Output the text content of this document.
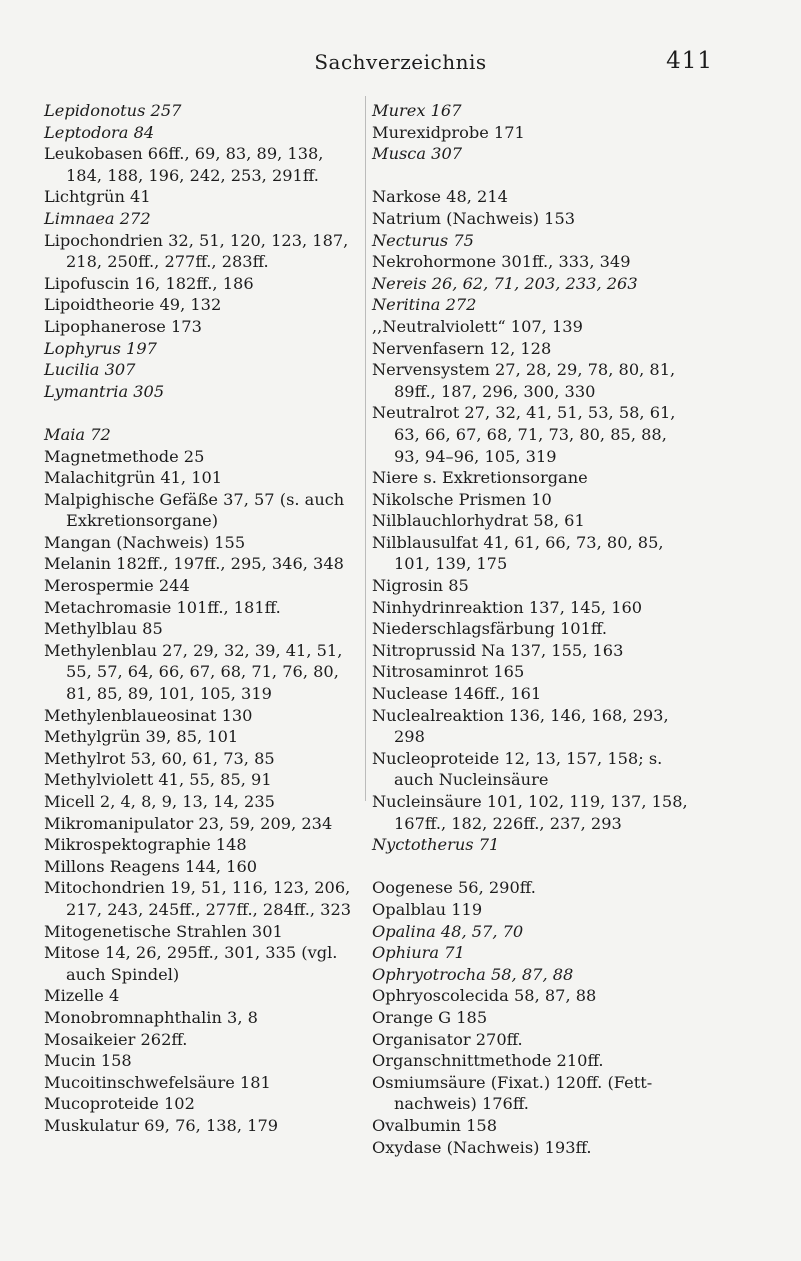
Sachverzeichnis	411
Lepidonotus 257
Leptodora 84
Leukobasen 66ff., 69, 83, 89, 138, 184, 188, 196, 242, 253, 291ff.
Lichtgrün 41
Limnaea 272
Lipochondrien 32, 51, 120, 123, 187, 218, 250ff., 277ff., 283ff.
Lipofuscin 16, 182ff., 186
Lipoidtheorie 49, 132
Lipophanerose 173
Lophyrus 197
Lucilia 307
Lymantria 305
Maia 72
Magnetmethode 25
Malachitgrün 41, 101
Malpighische Gefäße 37, 57 (s. auch Exkretionsorgane)
Mangan (Nachweis) 155
Melanin 182ff., 197ff., 295, 346, 348
Merospermie 244
Metachromasie 101ff., 181ff.
Methylblau 85
Methylenblau 27, 29, 32, 39, 41, 51, 55, 57, 64, 66, 67, 68, 71, 76, 80, 81, 85, 89, 101, 105, 319
Methylenblaueosinat 130
Methylgrün 39, 85, 101
Methylrot 53, 60, 61, 73, 85
Methylviolett 41, 55, 85, 91
Micell 2, 4, 8, 9, 13, 14, 235
Mikromanipulator 23, 59, 209, 234
Mikrospektographie 148
Millons Reagens 144, 160
Mitochondrien 19, 51, 116, 123, 206, 217, 243, 245ff., 277ff., 284ff., 323
Mitogenetische Strahlen 301
Mitose 14, 26, 295ff., 301, 335 (vgl. auch Spindel)
Mizelle 4
Monobromnaphthalin 3, 8
Mosaikeier 262ff.
Mucin 158
Mucoitinschwefelsäure 181
Mucoproteide 102
Muskulatur 69, 76, 138, 179
Murex 167
Murexidprobe 171
Musca 307
Narkose 48, 214
Natrium (Nachweis) 153
Necturus 75
Nekrohormone 301ff., 333, 349
Nereis 26, 62, 71, 203, 233, 263
Neritina 272
,,Neutralviolett“ 107, 139
Nervenfasern 12, 128
Nervensystem 27, 28, 29, 78, 80, 81, 89ff., 187, 296, 300, 330
Neutralrot 27, 32, 41, 51, 53, 58, 61, 63, 66, 67, 68, 71, 73, 80, 85, 88, 93, 94–96, 105, 319
Niere s. Exkretionsorgane
Nikolsche Prismen 10
Nilblauchlorhydrat 58, 61
Nilblausulfat 41, 61, 66, 73, 80, 85, 101, 139, 175
Nigrosin 85
Ninhydrinreaktion 137, 145, 160
Niederschlagsfärbung 101ff.
Nitroprussid Na 137, 155, 163
Nitrosaminrot 165
Nuclease 146ff., 161
Nuclealreaktion 136, 146, 168, 293, 298
Nucleoproteide 12, 13, 157, 158; s. auch Nucleinsäure
Nucleinsäure 101, 102, 119, 137, 158, 167ff., 182, 226ff., 237, 293
Nyctotherus 71
Oogenese 56, 290ff.
Opalblau 119
Opalina 48, 57, 70
Ophiura 71
Ophryotrocha 58, 87, 88
Ophryoscolecida 58, 87, 88
Orange G 185
Organisator 270ff.
Organschnittmethode 210ff.
Osmiumsäure (Fixat.) 120ff. (Fett-nachweis) 176ff.
Ovalbumin 158
Oxydase (Nachweis) 193ff.
